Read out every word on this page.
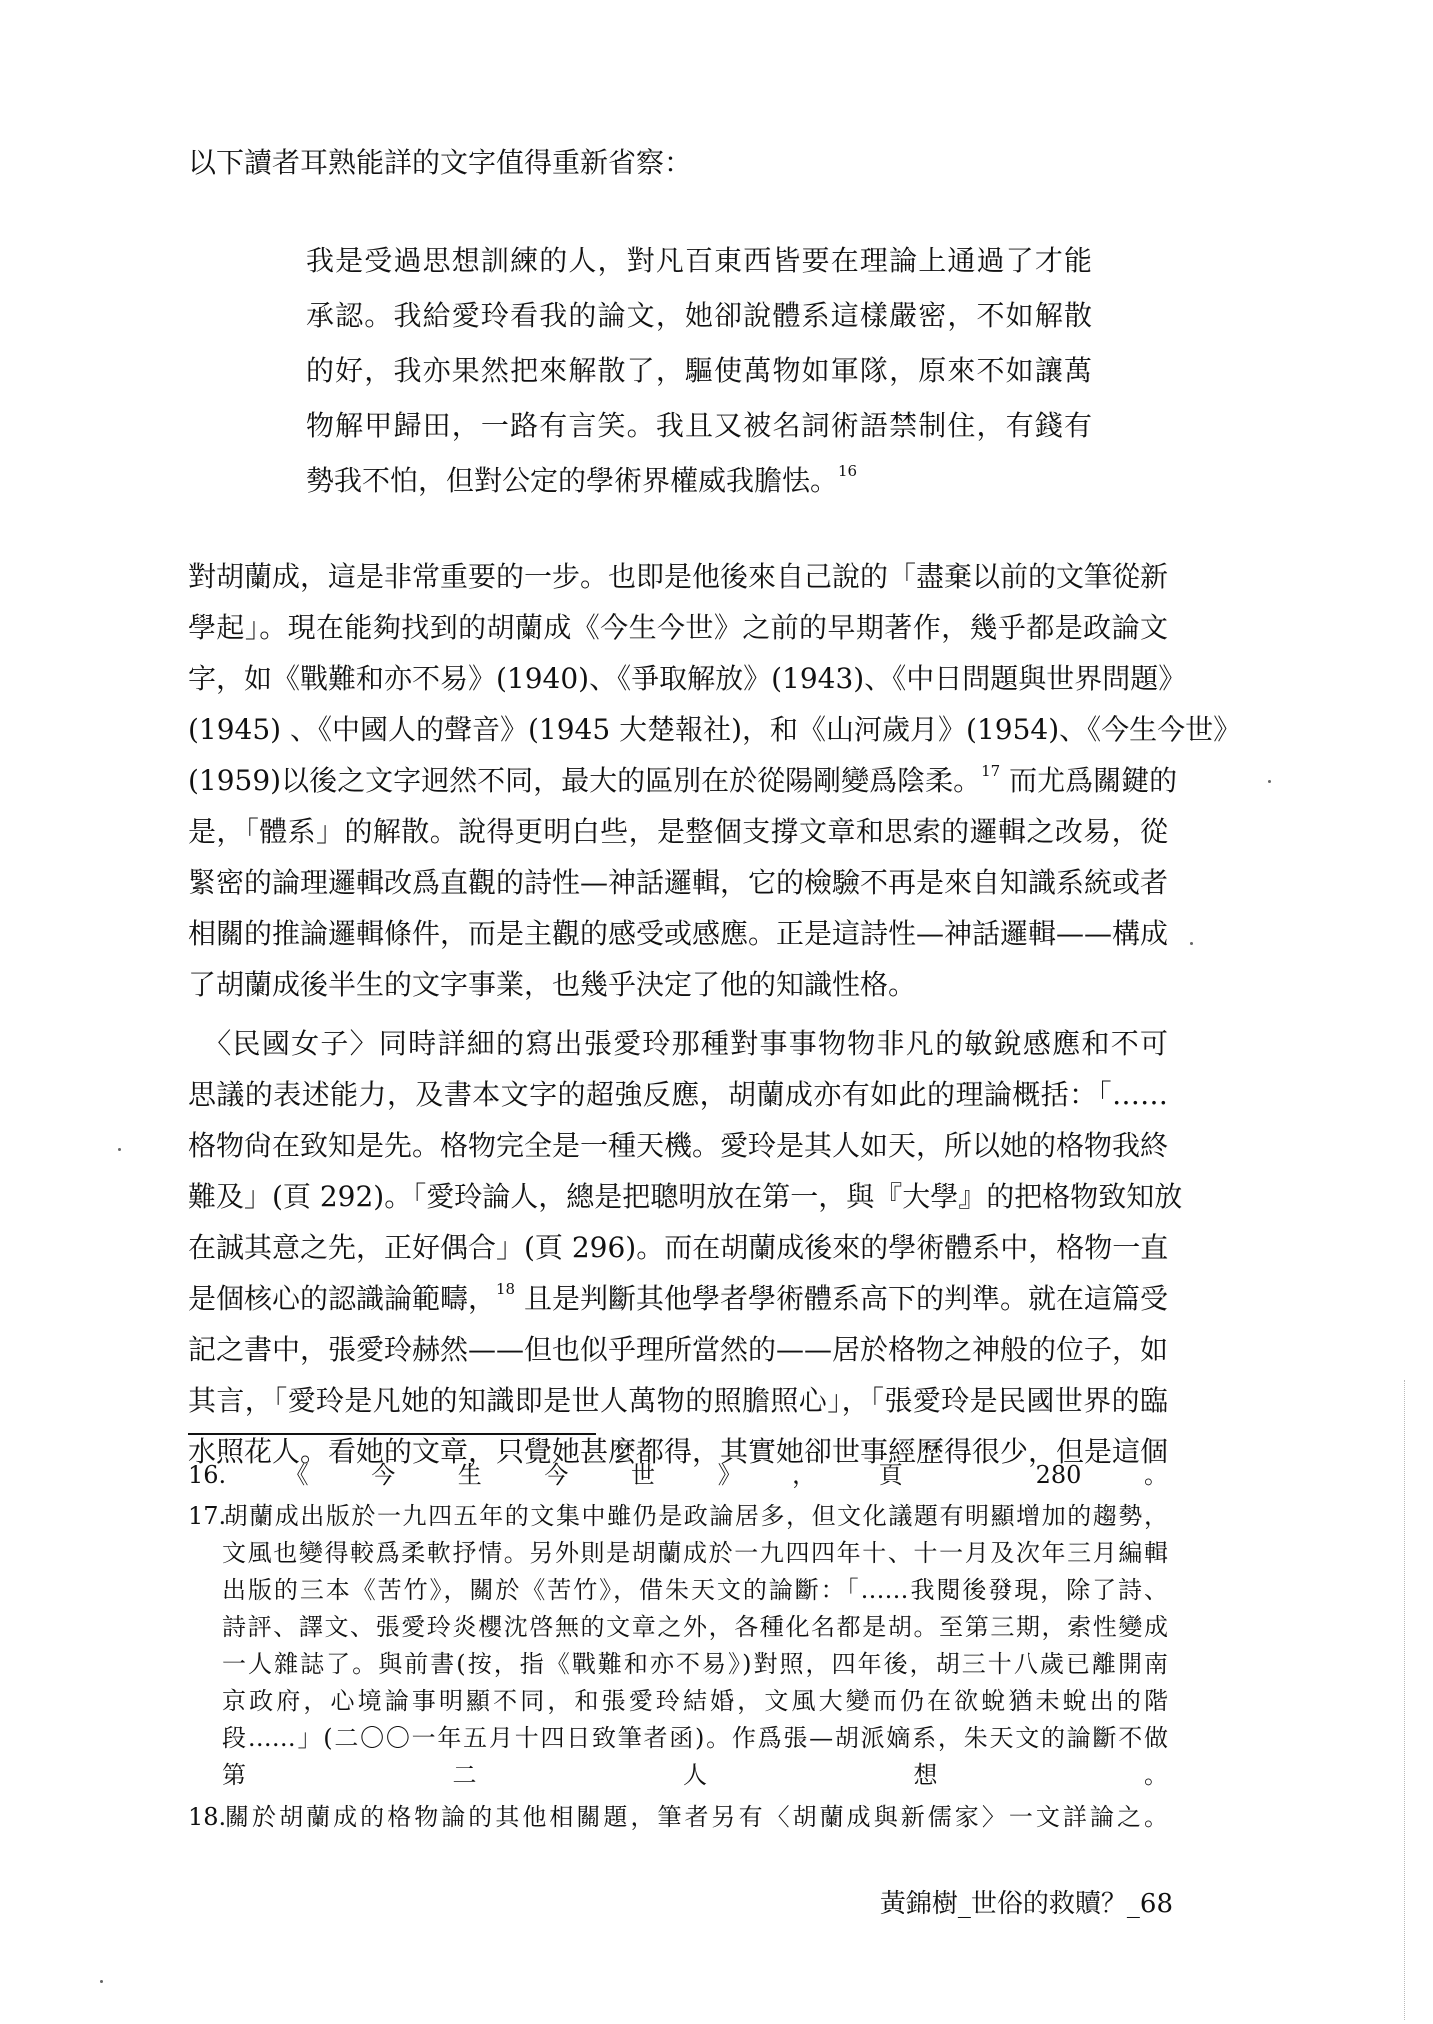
以下讀者耳熟能詳的文字值得重新省察：
我是受過思想訓練的人，對凡百東西皆要在理論上通過了才能
承認。我給愛玲看我的論文，她卻說體系這樣嚴密，不如解散
的好，我亦果然把來解散了，驅使萬物如軍隊，原來不如讓萬
物解甲歸田，一路有言笑。我且又被名詞術語禁制住，有錢有
勢我不怕，但對公定的學術界權威我膽怯。$^{16}$
對胡蘭成，這是非常重要的一步。也即是他後來自己說的「盡棄以前的文筆從新
學起」。現在能夠找到的胡蘭成《今生今世》之前的早期著作，幾乎都是政論文
字，如《戰難和亦不易》(1940)、《爭取解放》(1943)、《中日問題與世界問題》
(1945) 、《中國人的聲音》(1945 大楚報社)，和《山河歲月》(1954)、《今生今世》
(1959)以後之文字迥然不同，最大的區別在於從陽剛變爲陰柔。$^{17}$ 而尤爲關鍵的
是，「體系」的解散。說得更明白些，是整個支撐文章和思索的邏輯之改易，從
緊密的論理邏輯改爲直觀的詩性—神話邏輯，它的檢驗不再是來自知識系統或者
相關的推論邏輯條件，而是主觀的感受或感應。正是這詩性—神話邏輯——構成
了胡蘭成後半生的文字事業，也幾乎決定了他的知識性格。
　〈民國女子〉同時詳細的寫出張愛玲那種對事事物物非凡的敏銳感應和不可
思議的表述能力，及書本文字的超強反應，胡蘭成亦有如此的理論概括：「……
格物尙在致知是先。格物完全是一種天機。愛玲是其人如天，所以她的格物我終
難及」(頁 292)。「愛玲論人，總是把聰明放在第一，與『大學』的把格物致知放
在誠其意之先，正好偶合」(頁 296)。而在胡蘭成後來的學術體系中，格物一直
是個核心的認識論範疇，$^{18}$ 且是判斷其他學者學術體系高下的判準。就在這篇受
記之書中，張愛玲赫然——但也似乎理所當然的——居於格物之神般的位子，如
其言，「愛玲是凡她的知識即是世人萬物的照膽照心」，「張愛玲是民國世界的臨
水照花人。看她的文章，只覺她甚麼都得，其實她卻世事經歷得很少，但是這個
16.《今生今世》，頁 280。
17.胡蘭成出版於一九四五年的文集中雖仍是政論居多，但文化議題有明顯增加的趨勢，
文風也變得較爲柔軟抒情。另外則是胡蘭成於一九四四年十、十一月及次年三月編輯
出版的三本《苦竹》，關於《苦竹》，借朱天文的論斷：「……我閱後發現，除了詩、
詩評、譯文、張愛玲炎櫻沈啓無的文章之外，各種化名都是胡。至第三期，索性變成
一人雜誌了。與前書(按，指《戰難和亦不易》)對照，四年後，胡三十八歲已離開南
京政府，心境論事明顯不同，和張愛玲結婚，文風大變而仍在欲蛻猶未蛻出的階
段……」(二〇〇一年五月十四日致筆者函)。作爲張—胡派嫡系，朱天文的論斷不做
第二人想。
18.關於胡蘭成的格物論的其他相關題，筆者另有〈胡蘭成與新儒家〉一文詳論之。
黃錦樹_世俗的救贖？_68
